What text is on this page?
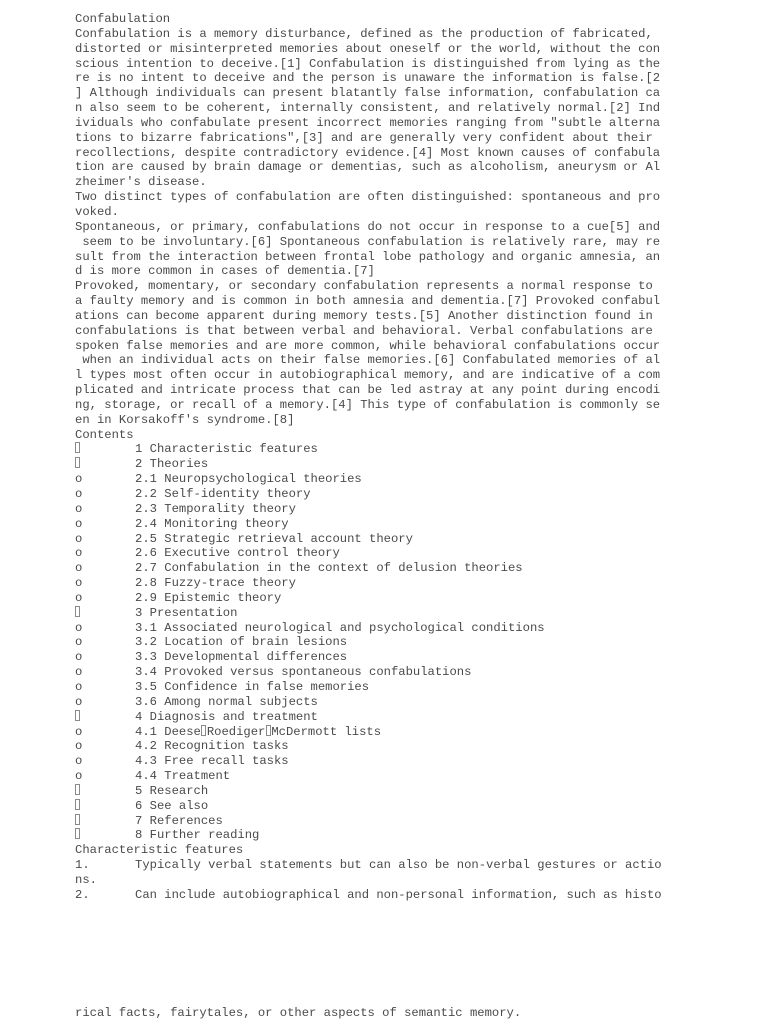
Confabulation
Confabulation is a memory disturbance, defined as the production of fabricated,
distorted or misinterpreted memories about oneself or the world, without the con
scious intention to deceive.[1] Confabulation is distinguished from lying as the
re is no intent to deceive and the person is unaware the information is false.[2
] Although individuals can present blatantly false information, confabulation ca
n also seem to be coherent, internally consistent, and relatively normal.[2] Ind
ividuals who confabulate present incorrect memories ranging from "subtle alterna
tions to bizarre fabrications",[3] and are generally very confident about their
recollections, despite contradictory evidence.[4] Most known causes of confabula
tion are caused by brain damage or dementias, such as alcoholism, aneurysm or Al
zheimer's disease.
Two distinct types of confabulation are often distinguished: spontaneous and pro
voked.
Spontaneous, or primary, confabulations do not occur in response to a cue[5] and
seem to be involuntary.[6] Spontaneous confabulation is relatively rare, may re
sult from the interaction between frontal lobe pathology and organic amnesia, an
d is more common in cases of dementia.[7]
Provoked, momentary, or secondary confabulation represents a normal response to
a faulty memory and is common in both amnesia and dementia.[7] Provoked confabul
ations can become apparent during memory tests.[5] Another distinction found in
confabulations is that between verbal and behavioral. Verbal confabulations are
spoken false memories and are more common, while behavioral confabulations occur
when an individual acts on their false memories.[6] Confabulated memories of al
l types most often occur in autobiographical memory, and are indicative of a com
plicated and intricate process that can be led astray at any point during encodi
ng, storage, or recall of a memory.[4] This type of confabulation is commonly se
en in Korsakoff's syndrome.[8]
Contents
1 Characteristic features
2 Theories
o	2.1 Neuropsychological theories
o	2.2 Self-identity theory
o	2.3 Temporality theory
o	2.4 Monitoring theory
o	2.5 Strategic retrieval account theory
o	2.6 Executive control theory
o	2.7 Confabulation in the context of delusion theories
o	2.8 Fuzzy-trace theory
o	2.9 Epistemic theory
3 Presentation
o	3.1 Associated neurological and psychological conditions
o	3.2 Location of brain lesions
o	3.3 Developmental differences
o	3.4 Provoked versus spontaneous confabulations
o	3.5 Confidence in false memories
o	3.6 Among normal subjects
4 Diagnosis and treatment
o	4.1 Deese Roediger McDermott lists
o	4.2 Recognition tasks
o	4.3 Free recall tasks
o	4.4 Treatment
5 Research
6 See also
7 References
8 Further reading
Characteristic features
1.	Typically verbal statements but can also be non-verbal gestures or actio
ns.
2.	Can include autobiographical and non-personal information, such as histo
rical facts, fairytales, or other aspects of semantic memory.
